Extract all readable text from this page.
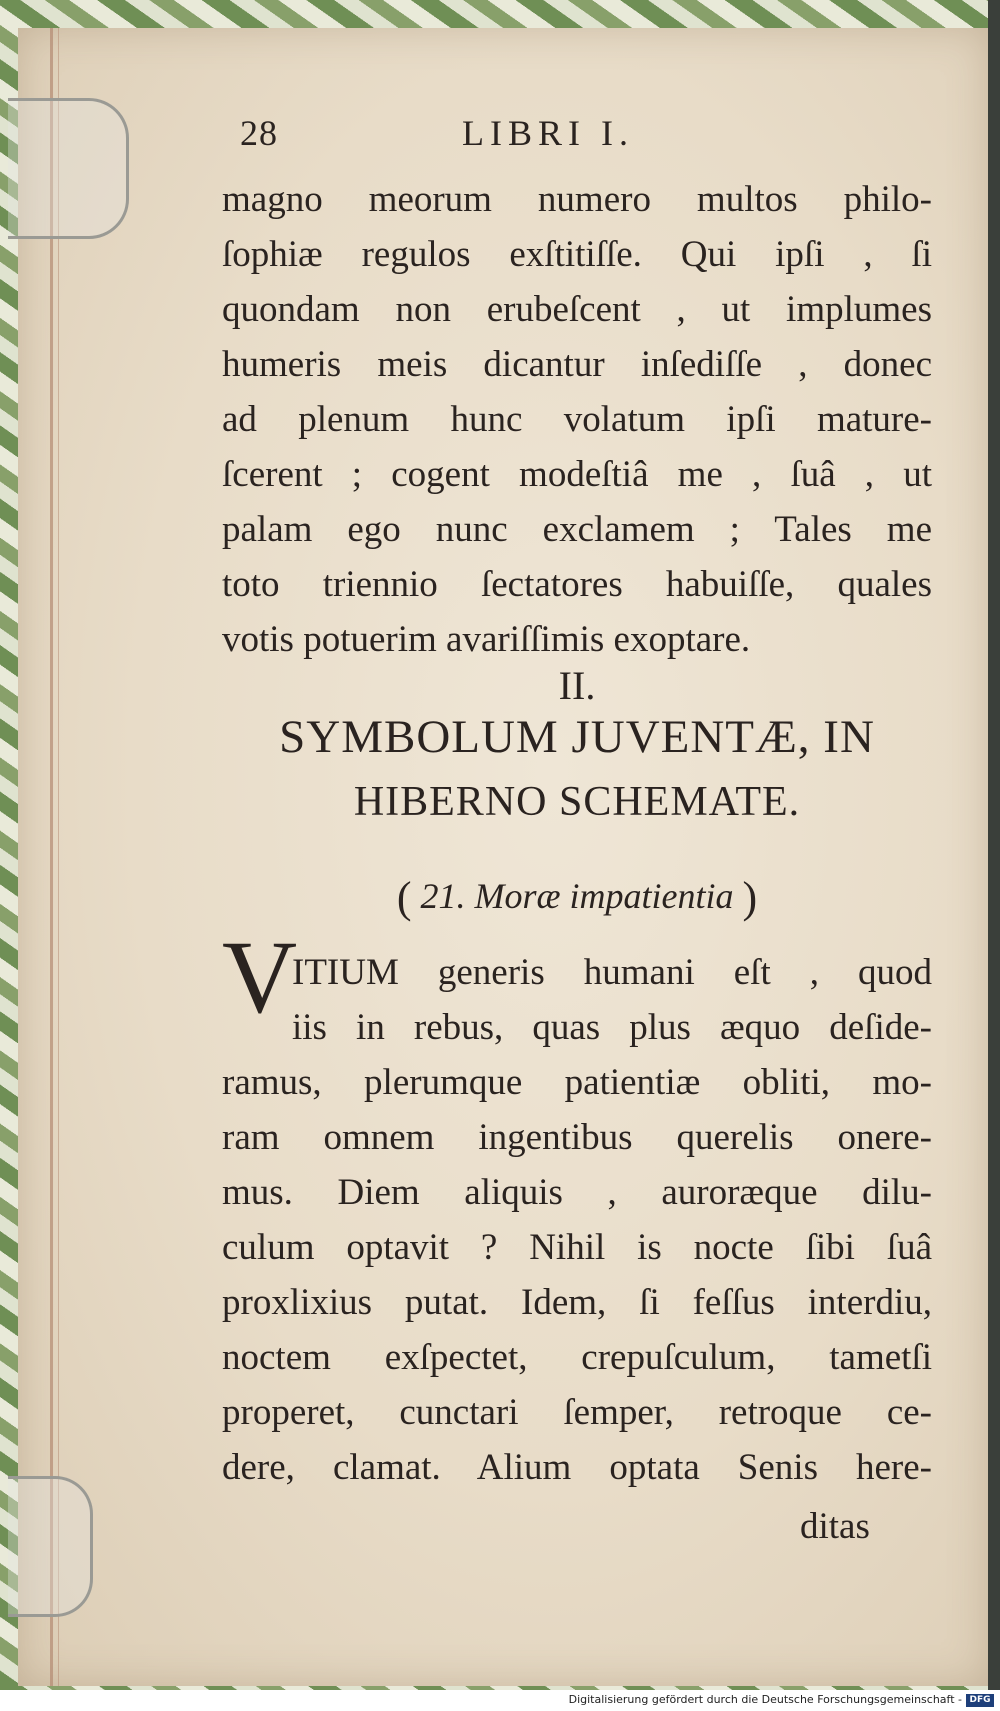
28	LIBRI I.
magno meorum numero multos philo-
ſophiæ regulos exſtitiſſe. Qui ipſi , ſi
quondam non erubeſcent , ut implumes
humeris meis dicantur inſediſſe , donec
ad plenum hunc volatum ipſi mature-
ſcerent ; cogent modeſtiâ me , ſuâ , ut
palam ego nunc exclamem ; Tales me
toto triennio ſectatores habuiſſe, quales
votis potuerim avariſſimis exoptare.
II.
SYMBOLUM JUVENTÆ, IN
HIBERNO SCHEMATE.
( 21. Moræ impatientia )
V
ITIUM generis humani eſt , quod
iis in rebus, quas plus æquo deſide-
ramus, plerumque patientiæ obliti, mo-
ram omnem ingentibus querelis onere-
mus. Diem aliquis , auroræque dilu-
culum optavit ? Nihil is nocte ſibi ſuâ
proxlixius putat. Idem, ſi feſſus interdiu,
noctem exſpectet, crepuſculum, tametſi
properet, cunctari ſemper, retroque ce-
dere, clamat. Alium optata Senis here-
ditas
Digitalisierung gefördert durch die Deutsche Forschungsgemeinschaft - DFG
